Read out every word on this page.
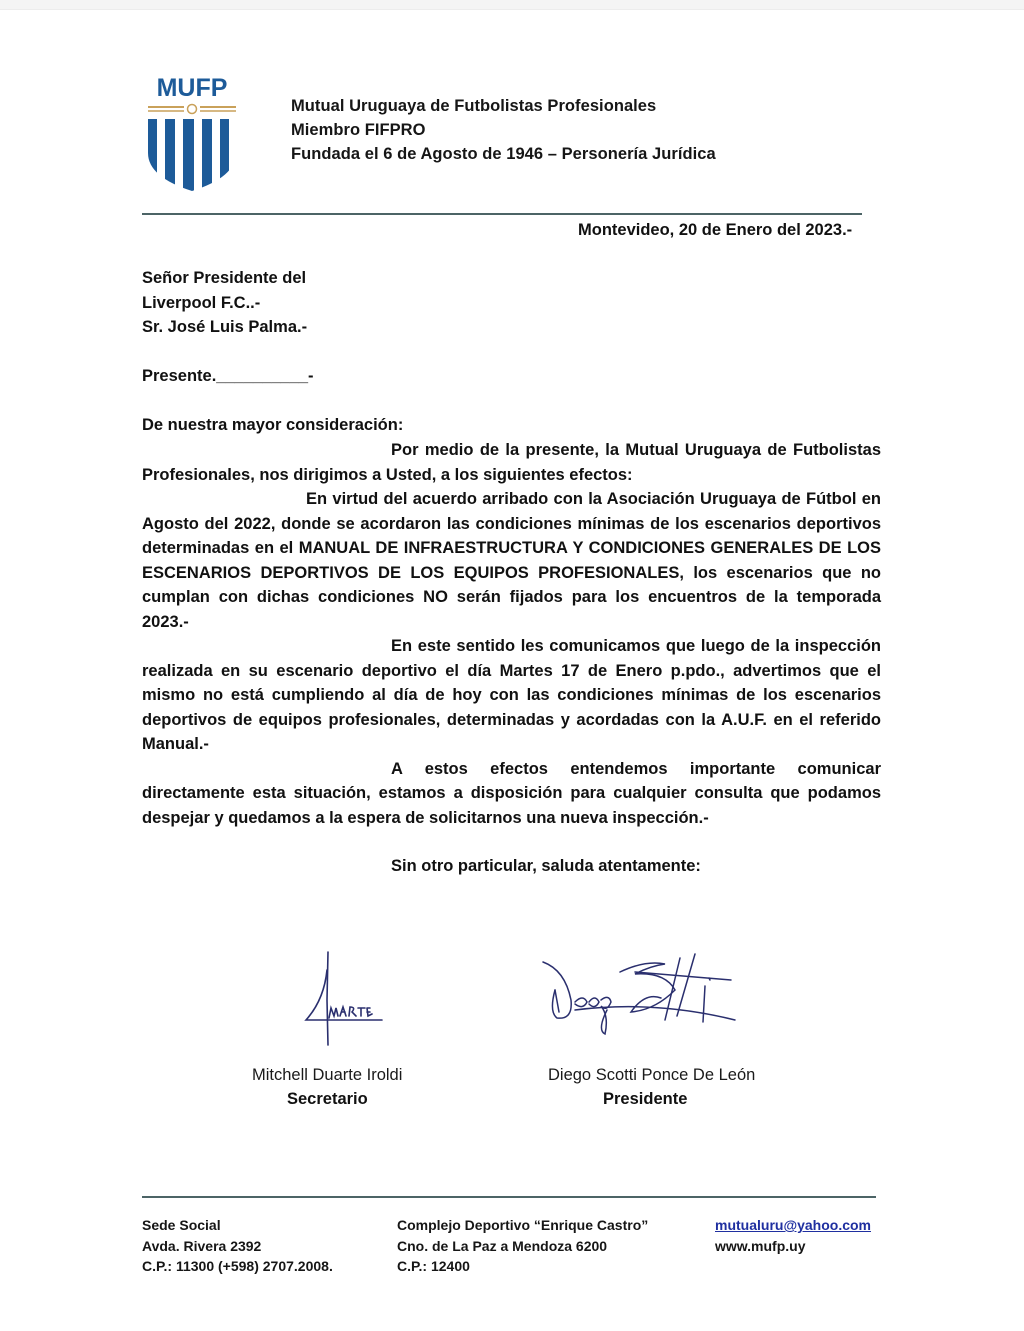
MUFP
Mutual Uruguaya de Futbolistas Profesionales
Miembro FIFPRO
Fundada el 6 de Agosto de 1946 – Personería Jurídica
Montevideo, 20 de Enero del 2023.-
Señor Presidente del
Liverpool F.C..-
Sr. José Luis Palma.-
Presente.__________-
De nuestra mayor consideración:

Por medio de la presente, la Mutual Uruguaya de Futbolistas Profesionales, nos dirigimos a Usted, a los siguientes efectos:

En virtud del acuerdo arribado con la Asociación Uruguaya de Fútbol en Agosto del 2022, donde se acordaron las condiciones mínimas de los escenarios deportivos determinadas en el MANUAL DE INFRAESTRUCTURA Y CONDICIONES GENERALES DE LOS ESCENARIOS DEPORTIVOS DE LOS EQUIPOS PROFESIONALES, los escenarios que no cumplan con dichas condiciones NO serán fijados para los encuentros de la temporada 2023.-

En este sentido les comunicamos que luego de la inspección realizada en su escenario deportivo el día Martes 17 de Enero p.pdo., advertimos que el mismo no está cumpliendo al día de hoy con las condiciones mínimas de los escenarios deportivos de equipos profesionales, determinadas y acordadas con la A.U.F. en el referido Manual.-

A estos efectos entendemos importante comunicar directamente esta situación, estamos a disposición para cualquier consulta que podamos despejar y quedamos a la espera de solicitarnos una nueva inspección.-

Sin otro particular, saluda atentamente:
Mitchell Duarte Iroldi
Secretario
Diego Scotti Ponce De León
Presidente
Sede Social
Avda. Rivera 2392
C.P.: 11300 (+598) 2707.2008.
Complejo Deportivo “Enrique Castro”
Cno. de La Paz a Mendoza 6200
C.P.: 12400
mutualuru@yahoo.com
www.mufp.uy
